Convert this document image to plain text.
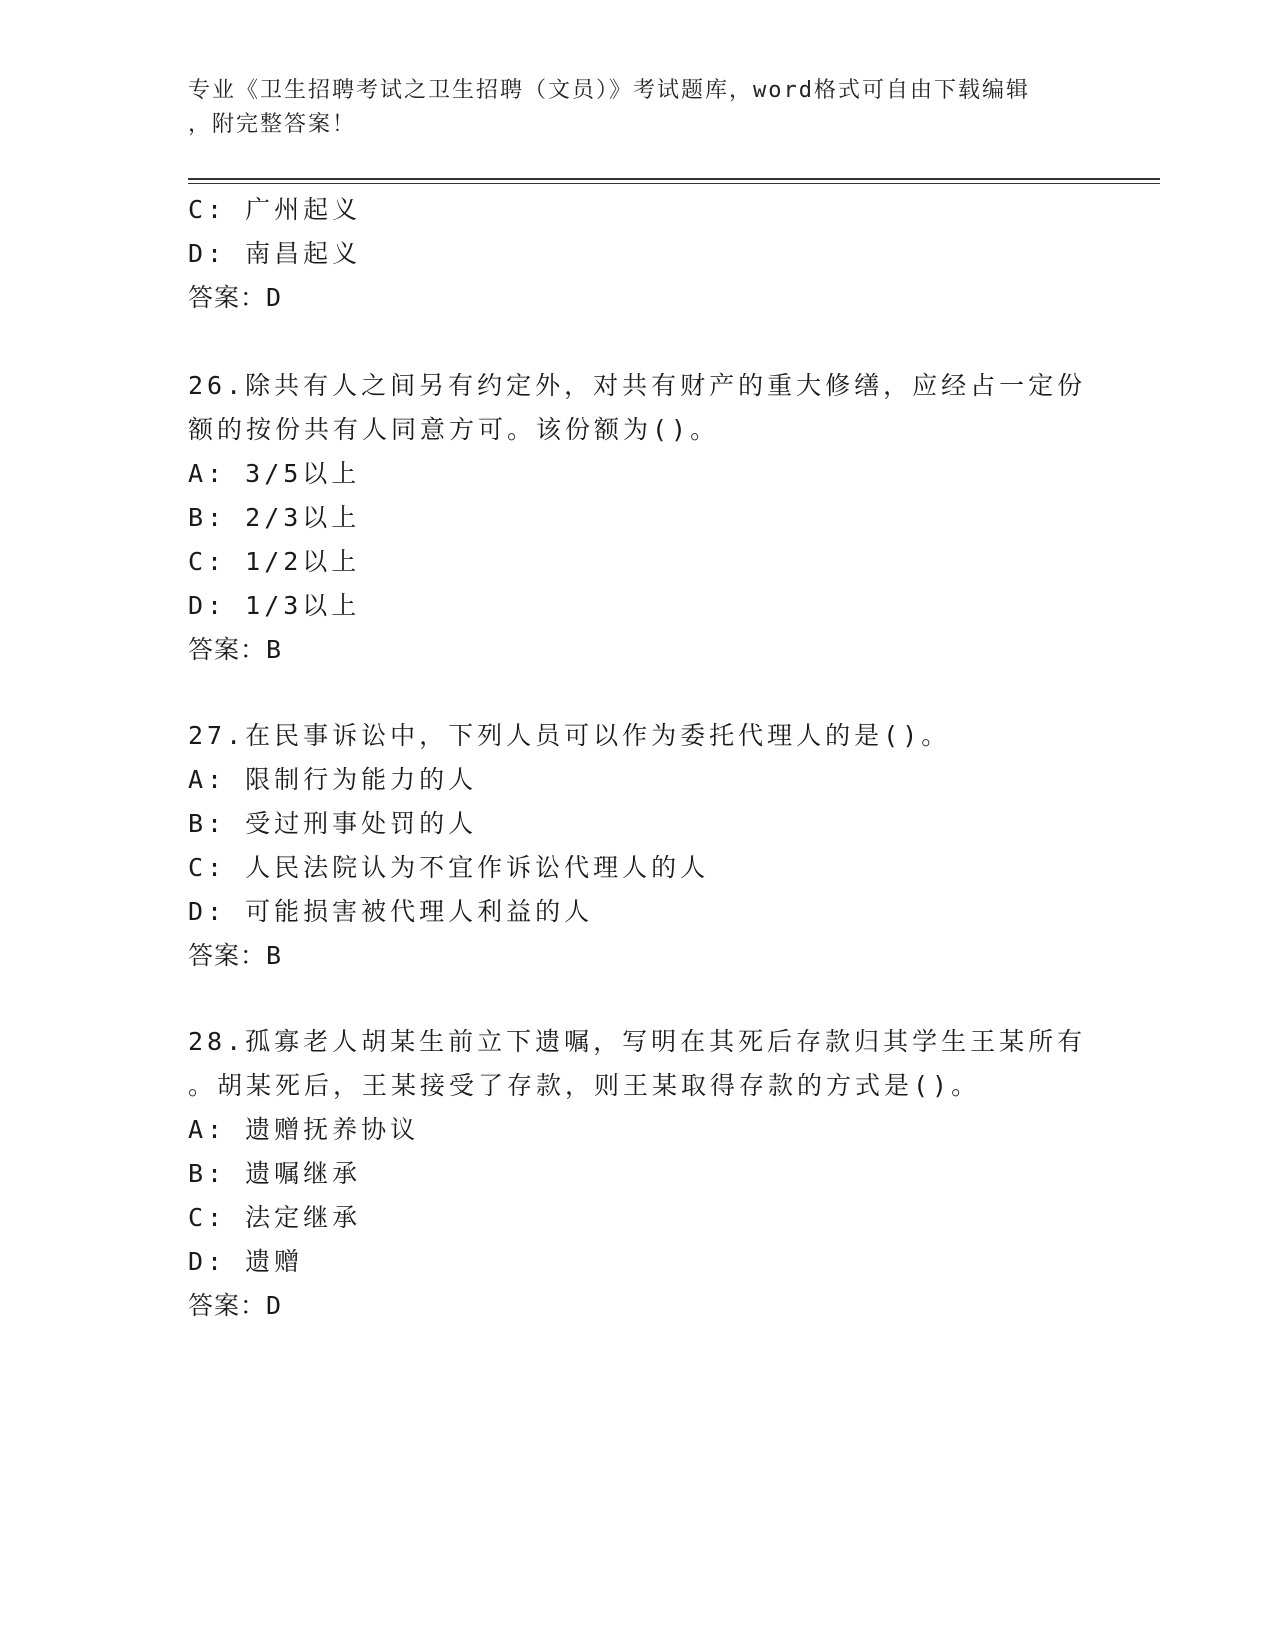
专业《卫生招聘考试之卫生招聘（文员）》考试题库，word格式可自由下载编辑
，附完整答案！
C: 广州起义
D: 南昌起义
答案：D
26.除共有人之间另有约定外，对共有财产的重大修缮，应经占一定份
额的按份共有人同意方可。该份额为()。
A: 3/5以上
B: 2/3以上
C: 1/2以上
D: 1/3以上
答案：B
27.在民事诉讼中，下列人员可以作为委托代理人的是()。
A: 限制行为能力的人
B: 受过刑事处罚的人
C: 人民法院认为不宜作诉讼代理人的人
D: 可能损害被代理人利益的人
答案：B
28.孤寡老人胡某生前立下遗嘱，写明在其死后存款归其学生王某所有
。胡某死后，王某接受了存款，则王某取得存款的方式是()。
A: 遗赠抚养协议
B: 遗嘱继承
C: 法定继承
D: 遗赠
答案：D
